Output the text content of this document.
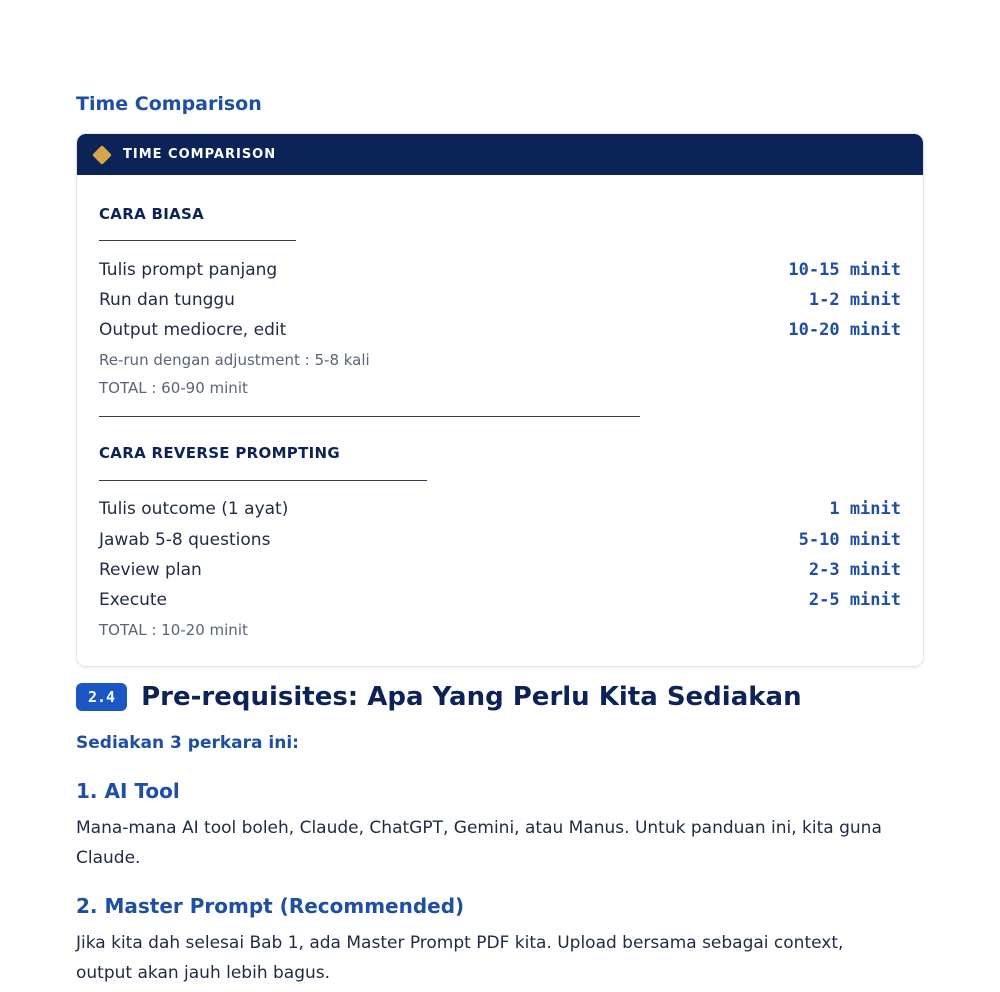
Time Comparison
TIME COMPARISON
CARA BIASA
Tulis prompt panjang	10-15 minit
Run dan tunggu	1-2 minit
Output mediocre, edit	10-20 minit
Re-run dengan adjustment : 5-8 kali
TOTAL : 60-90 minit
CARA REVERSE PROMPTING
Tulis outcome (1 ayat)	1 minit
Jawab 5-8 questions	5-10 minit
Review plan	2-3 minit
Execute	2-5 minit
TOTAL : 10-20 minit
2.4	Pre-requisites: Apa Yang Perlu Kita Sediakan
Sediakan 3 perkara ini:
1. AI Tool
Mana-mana AI tool boleh, Claude, ChatGPT, Gemini, atau Manus. Untuk panduan ini, kita guna Claude.
2. Master Prompt (Recommended)
Jika kita dah selesai Bab 1, ada Master Prompt PDF kita. Upload bersama sebagai context, output akan jauh lebih bagus.
